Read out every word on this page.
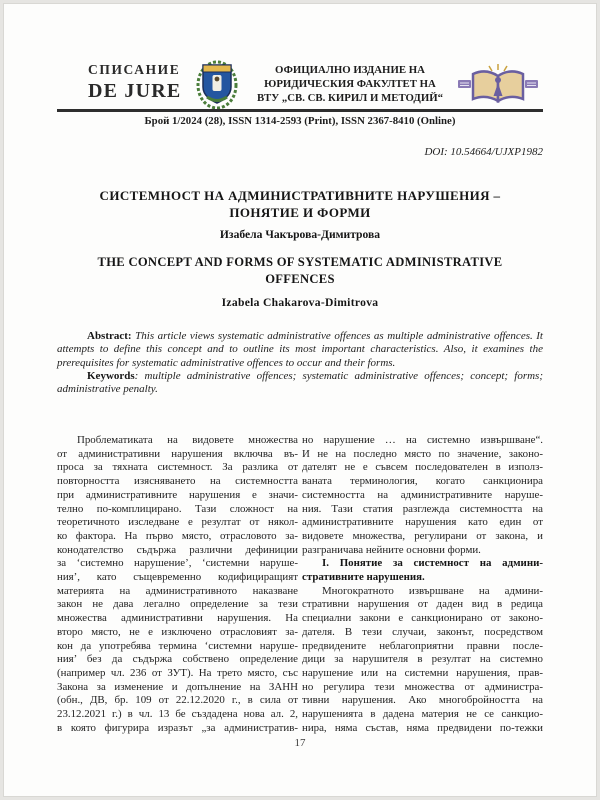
СПИСАНИЕ
DE JURE
ОФИЦИАЛНО ИЗДАНИЕ НА
ЮРИДИЧЕСКИЯ ФАКУЛТЕТ НА
ВТУ „СВ. СВ. КИРИЛ И МЕТОДИЙ“
Брой 1/2024 (28), ISSN 1314-2593 (Print), ISSN 2367-8410 (Online)
DOI: 10.54664/UJXP1982
СИСТЕМНОСТ НА АДМИНИСТРАТИВНИТЕ НАРУШЕНИЯ –
ПОНЯТИЕ И ФОРМИ
Изабела Чакърова-Димитрова
THE CONCEPT AND FORMS OF SYSTEMATIC ADMINISTRATIVE
OFFENCES
Izabela Chakarova-Dimitrova

Abstract: This article views systematic administrative offences as multiple administrative offences. It attempts to define this concept and to outline its most important characteristics. Also, it examines the prerequisites for systematic administrative offences to occur and their forms.

Keywords: multiple administrative offences; systematic administrative offences; concept; forms; administrative penalty.

Проблематиката на видовете множества
от административни нарушения включва въ-
проса за тяхната системност. За разлика от
повторността изясняването на системността
при административните нарушения е значи-
телно по-комплицирано. Тази сложност на
теоретичното изследване е резултат от някол-
ко фактора. На първо място, отрасловото за-
конодателство съдържа различни дефиниции
за ‘системно нарушение’, ‘системни наруше-
ния’, като същевременно кодифициращият
материята на административното наказване
закон не дава легално определение за тези
множества административни нарушения. На
второ място, не е изключено отрасловият за-
кон да употребява термина ‘системни наруше-
ния’ без да съдържа собствено определение
(например чл. 236 от ЗУТ). На трето място, със
Закона за изменение и допълнение на ЗАНН
(обн., ДВ, бр. 109 от 22.12.2020 г., в сила от
23.12.2021 г.) в чл. 13 бе създадена нова ал. 2,
в която фигурира изразът „за административ-
но нарушение … на системно извършване“.
И не на последно място по значение, законо-
дателят не е съвсем последователен в използ-
ваната терминология, когато санкционира
системността на административните наруше-
ния. Тази статия разглежда системността на
административните нарушения като един от
видовете множества, регулирани от закона, и
разграничава нейните основни форми.
I. Понятие за системност на админи-
стративните нарушения.
Многократното извършване на админи-
стративни нарушения от даден вид в редица
специални закони е санкционирано от законо-
дателя. В тези случаи, законът, посредством
предвидените неблагоприятни правни после-
дици за нарушителя в резултат на системно
нарушение или на системни нарушения, прав-
но регулира тези множества от администра-
тивни нарушения. Ако многобройността на
нарушенията в дадена материя не се санкцио-
нира, няма състав, няма предвидени по-тежки
17
